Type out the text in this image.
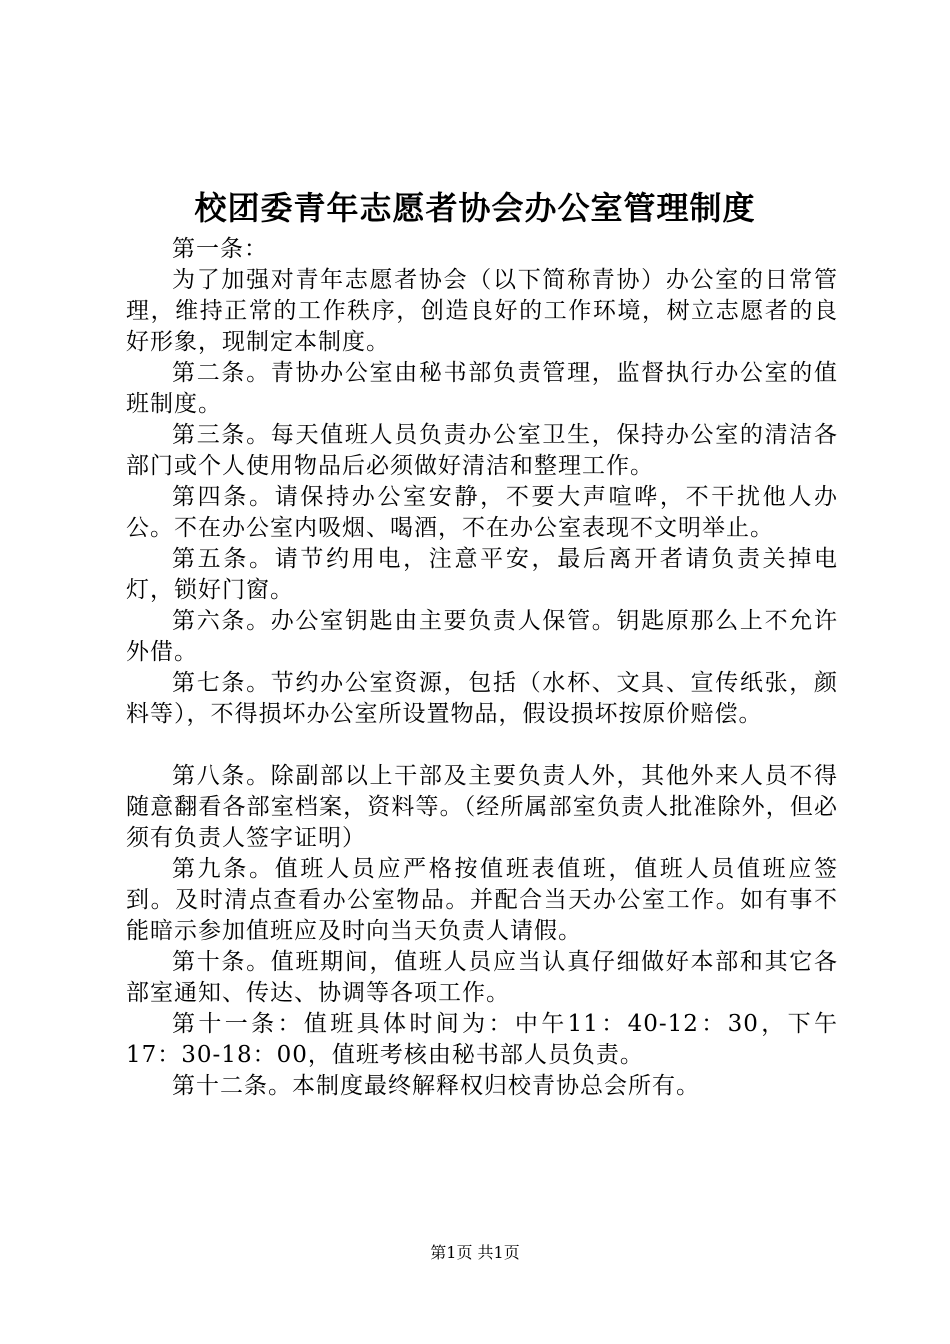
校团委青年志愿者协会办公室管理制度

第一条：

为了加强对青年志愿者协会（以下简称青协）办公室的日常管理，维持正常的工作秩序，创造良好的工作环境，树立志愿者的良好形象，现制定本制度。

第二条。青协办公室由秘书部负责管理，监督执行办公室的值班制度。

第三条。每天值班人员负责办公室卫生，保持办公室的清洁各部门或个人使用物品后必须做好清洁和整理工作。

第四条。请保持办公室安静，不要大声喧哗，不干扰他人办公。不在办公室内吸烟、喝酒，不在办公室表现不文明举止。

第五条。请节约用电，注意平安，最后离开者请负责关掉电灯，锁好门窗。

第六条。办公室钥匙由主要负责人保管。钥匙原那么上不允许外借。

第七条。节约办公室资源，包括（水杯、文具、宣传纸张，颜料等），不得损坏办公室所设置物品，假设损坏按原价赔偿。

第八条。除副部以上干部及主要负责人外，其他外来人员不得随意翻看各部室档案，资料等。（经所属部室负责人批准除外，但必须有负责人签字证明）

第九条。值班人员应严格按值班表值班，值班人员值班应签到。及时清点查看办公室物品。并配合当天办公室工作。如有事不能暗示参加值班应及时向当天负责人请假。

第十条。值班期间，值班人员应当认真仔细做好本部和其它各部室通知、传达、协调等各项工作。

第十一条：值班具体时间为：中午11：40-12：30，下午17：30-18：00，值班考核由秘书部人员负责。

第十二条。本制度最终解释权归校青协总会所有。

第1页 共1页
